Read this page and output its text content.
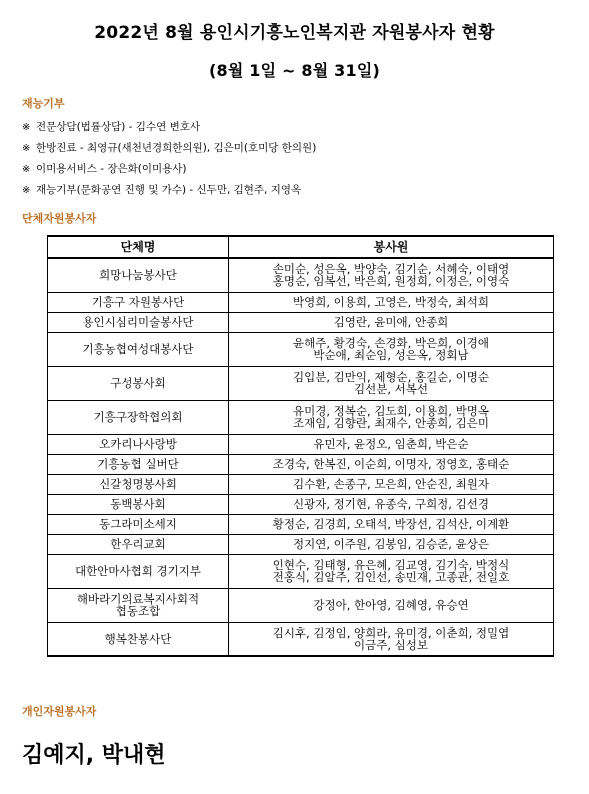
2022년 8월 용인시기흥노인복지관 자원봉사자 현황
(8월 1일 ~ 8월 31일)
재능기부
※ 전문상담(법률상담) - 김수연 변호사
※ 한방진료 - 최영규(새천년경희한의원), 김은미(호미당 한의원)
※ 이미용서비스 - 장은화(이미용사)
※ 재능기부(문화공연 진행 및 가수) - 신두만, 김현주, 지영옥
단체자원봉사자
단체명	봉사원

희망나눔봉사단	손미순, 성은옥, 박양숙, 김기순, 서혜숙, 이태영
홍명순, 임복선, 박은희, 원정희, 이정은, 이영숙

기흥구 자원봉사단	박영희, 이용희, 고영은, 박정숙, 최석희

용인시심리미술봉사단	김영란, 윤미애, 안종희

기흥농협여성대봉사단	윤해주, 황경숙, 손경화, 박은희, 이경애
박순애, 최순임, 성은옥, 정회남

구성봉사회	김입분, 김만익, 제형순, 홍길순, 이명순
김선분, 서복선

기흥구장학협의회	유미경, 정복순, 김도희, 이용희, 박명옥
조재임, 김향란, 최재수, 안종희, 김은미

오카리나사랑방	유민자, 윤정오, 임춘희, 박은순

기흥농협 실버단	조경숙, 한복진, 이순희, 이명자, 정영호, 홍태순

신갈청명봉사회	김수환, 손종구, 모은희, 안순진, 최원자

동백봉사회	신광자, 정기현, 유종숙, 구희정, 김선경

동그라미소세지	황정순, 김경희, 오태석, 박장선, 김석산, 이계환

한우리교회	정지연, 이주원, 김봉임, 김승준, 윤상은

대한안마사협회 경기지부	인현수, 김태형, 유은혜, 김교영, 김기숙, 박정식
전홍식, 김알주, 김인선, 송민재, 고종관, 전일호

해바라기의료복지사회적
협동조합	강정아, 한아영, 김혜영, 유승연

행복찬봉사단	김시후, 김정임, 양희라, 유미경, 이춘희, 정밀엽
이금주, 심성보
개인자원봉사자
김예지, 박내현
